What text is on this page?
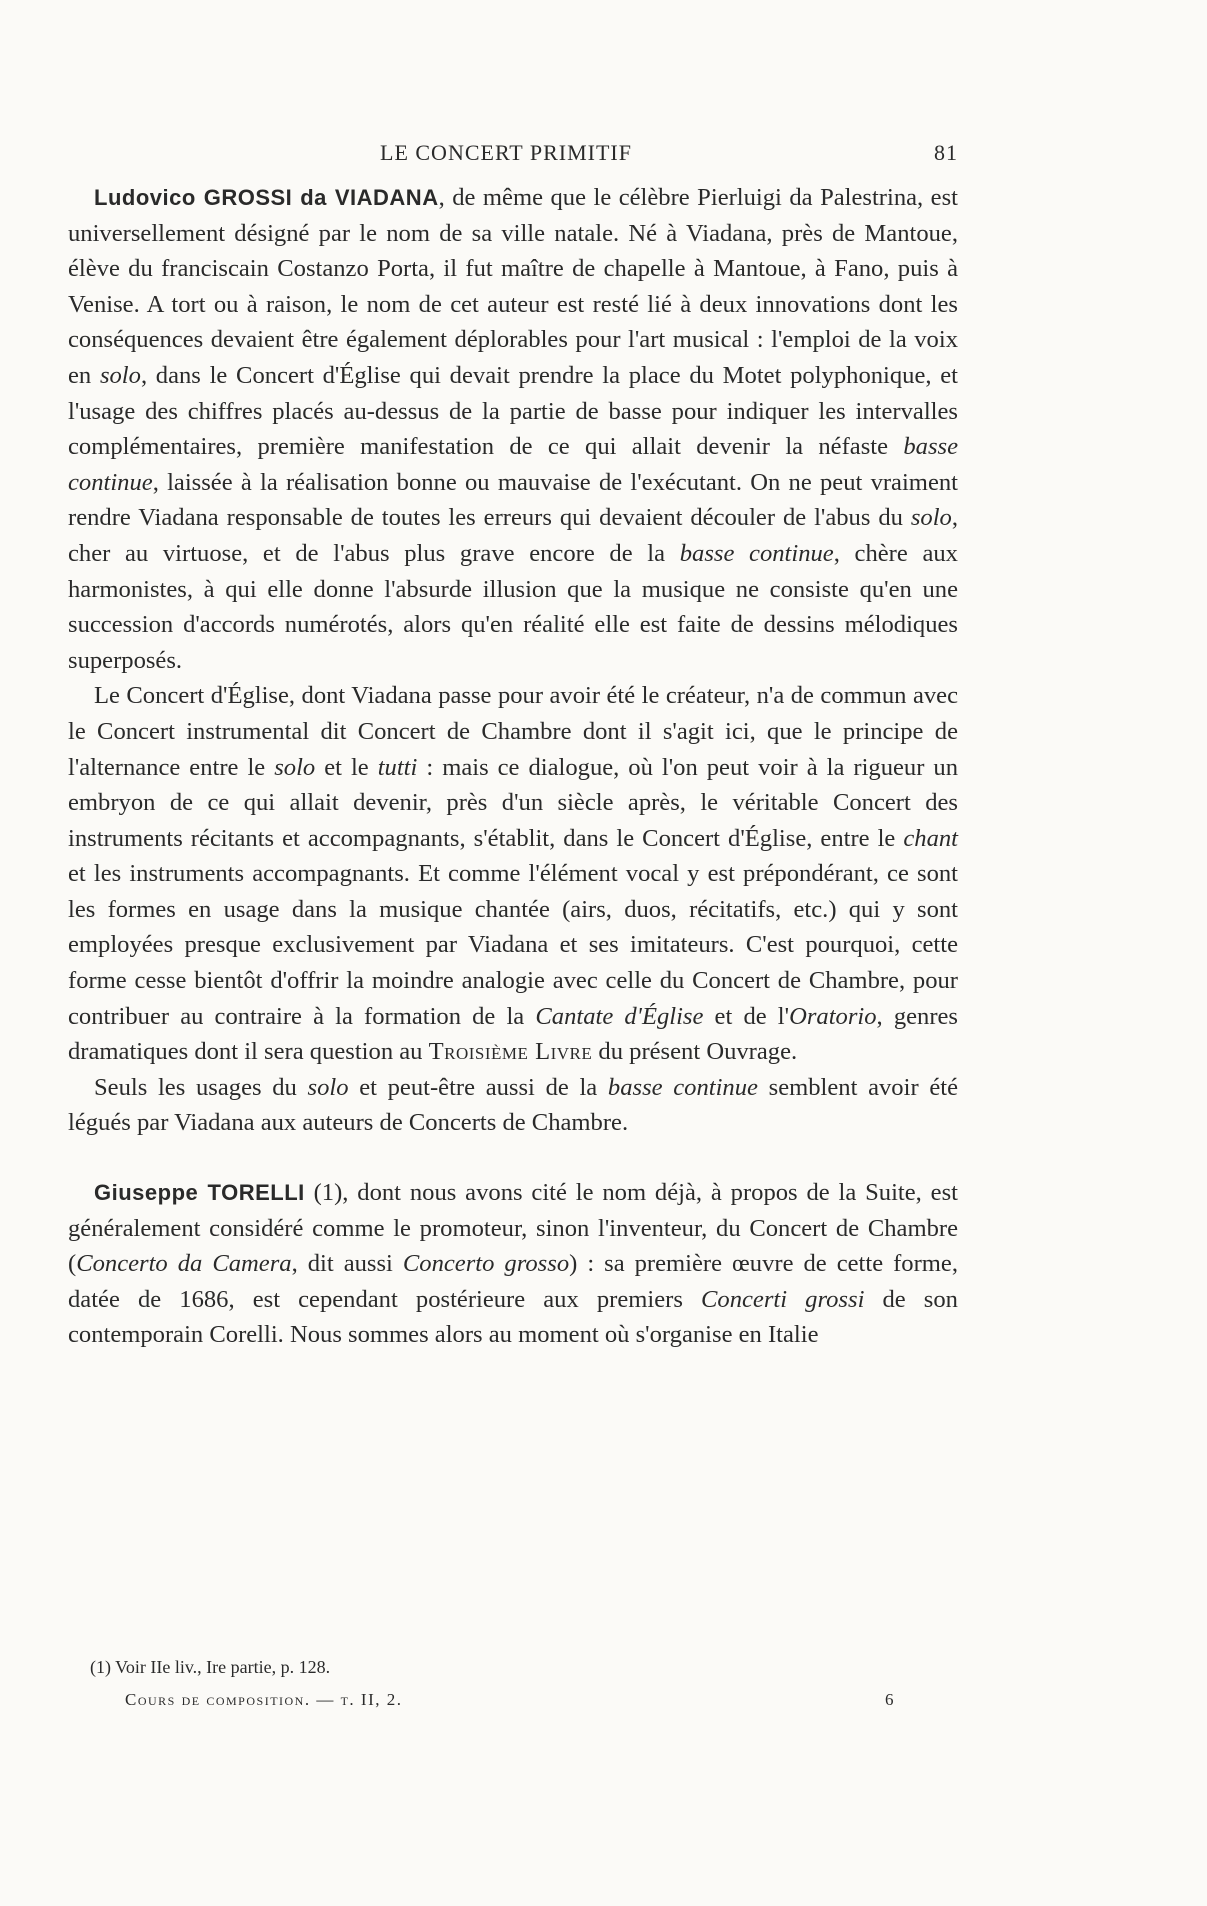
LE CONCERT PRIMITIF	81

Ludovico GROSSI da VIADANA, de même que le célèbre Pierluigi da Palestrina, est universellement désigné par le nom de sa ville natale. Né à Viadana, près de Mantoue, élève du franciscain Costanzo Porta, il fut maître de chapelle à Mantoue, à Fano, puis à Venise. A tort ou à raison, le nom de cet auteur est resté lié à deux innovations dont les conséquences devaient être également déplorables pour l'art musical : l'emploi de la voix en solo, dans le Concert d'Église qui devait prendre la place du Motet polyphonique, et l'usage des chiffres placés au-dessus de la partie de basse pour indiquer les intervalles complémentaires, première manifestation de ce qui allait devenir la néfaste basse continue, laissée à la réalisation bonne ou mauvaise de l'exécutant. On ne peut vraiment rendre Viadana responsable de toutes les erreurs qui devaient découler de l'abus du solo, cher au virtuose, et de l'abus plus grave encore de la basse continue, chère aux harmonistes, à qui elle donne l'absurde illusion que la musique ne consiste qu'en une succession d'accords numérotés, alors qu'en réalité elle est faite de dessins mélodiques superposés.

Le Concert d'Église, dont Viadana passe pour avoir été le créateur, n'a de commun avec le Concert instrumental dit Concert de Chambre dont il s'agit ici, que le principe de l'alternance entre le solo et le tutti : mais ce dialogue, où l'on peut voir à la rigueur un embryon de ce qui allait devenir, près d'un siècle après, le véritable Concert des instruments récitants et accompagnants, s'établit, dans le Concert d'Église, entre le chant et les instruments accompagnants. Et comme l'élément vocal y est prépondérant, ce sont les formes en usage dans la musique chantée (airs, duos, récitatifs, etc.) qui y sont employées presque exclusivement par Viadana et ses imitateurs. C'est pourquoi, cette forme cesse bientôt d'offrir la moindre analogie avec celle du Concert de Chambre, pour contribuer au contraire à la formation de la Cantate d'Église et de l'Oratorio, genres dramatiques dont il sera question au Troisième Livre du présent Ouvrage.

Seuls les usages du solo et peut-être aussi de la basse continue semblent avoir été légués par Viadana aux auteurs de Concerts de Chambre.

Giuseppe TORELLI (1), dont nous avons cité le nom déjà, à propos de la Suite, est généralement considéré comme le promoteur, sinon l'inventeur, du Concert de Chambre (Concerto da Camera, dit aussi Concerto grosso) : sa première œuvre de cette forme, datée de 1686, est cependant postérieure aux premiers Concerti grossi de son contemporain Corelli. Nous sommes alors au moment où s'organise en Italie

(1) Voir IIe liv., Ire partie, p. 128.
Cours de composition. — t. II, 2.	6
